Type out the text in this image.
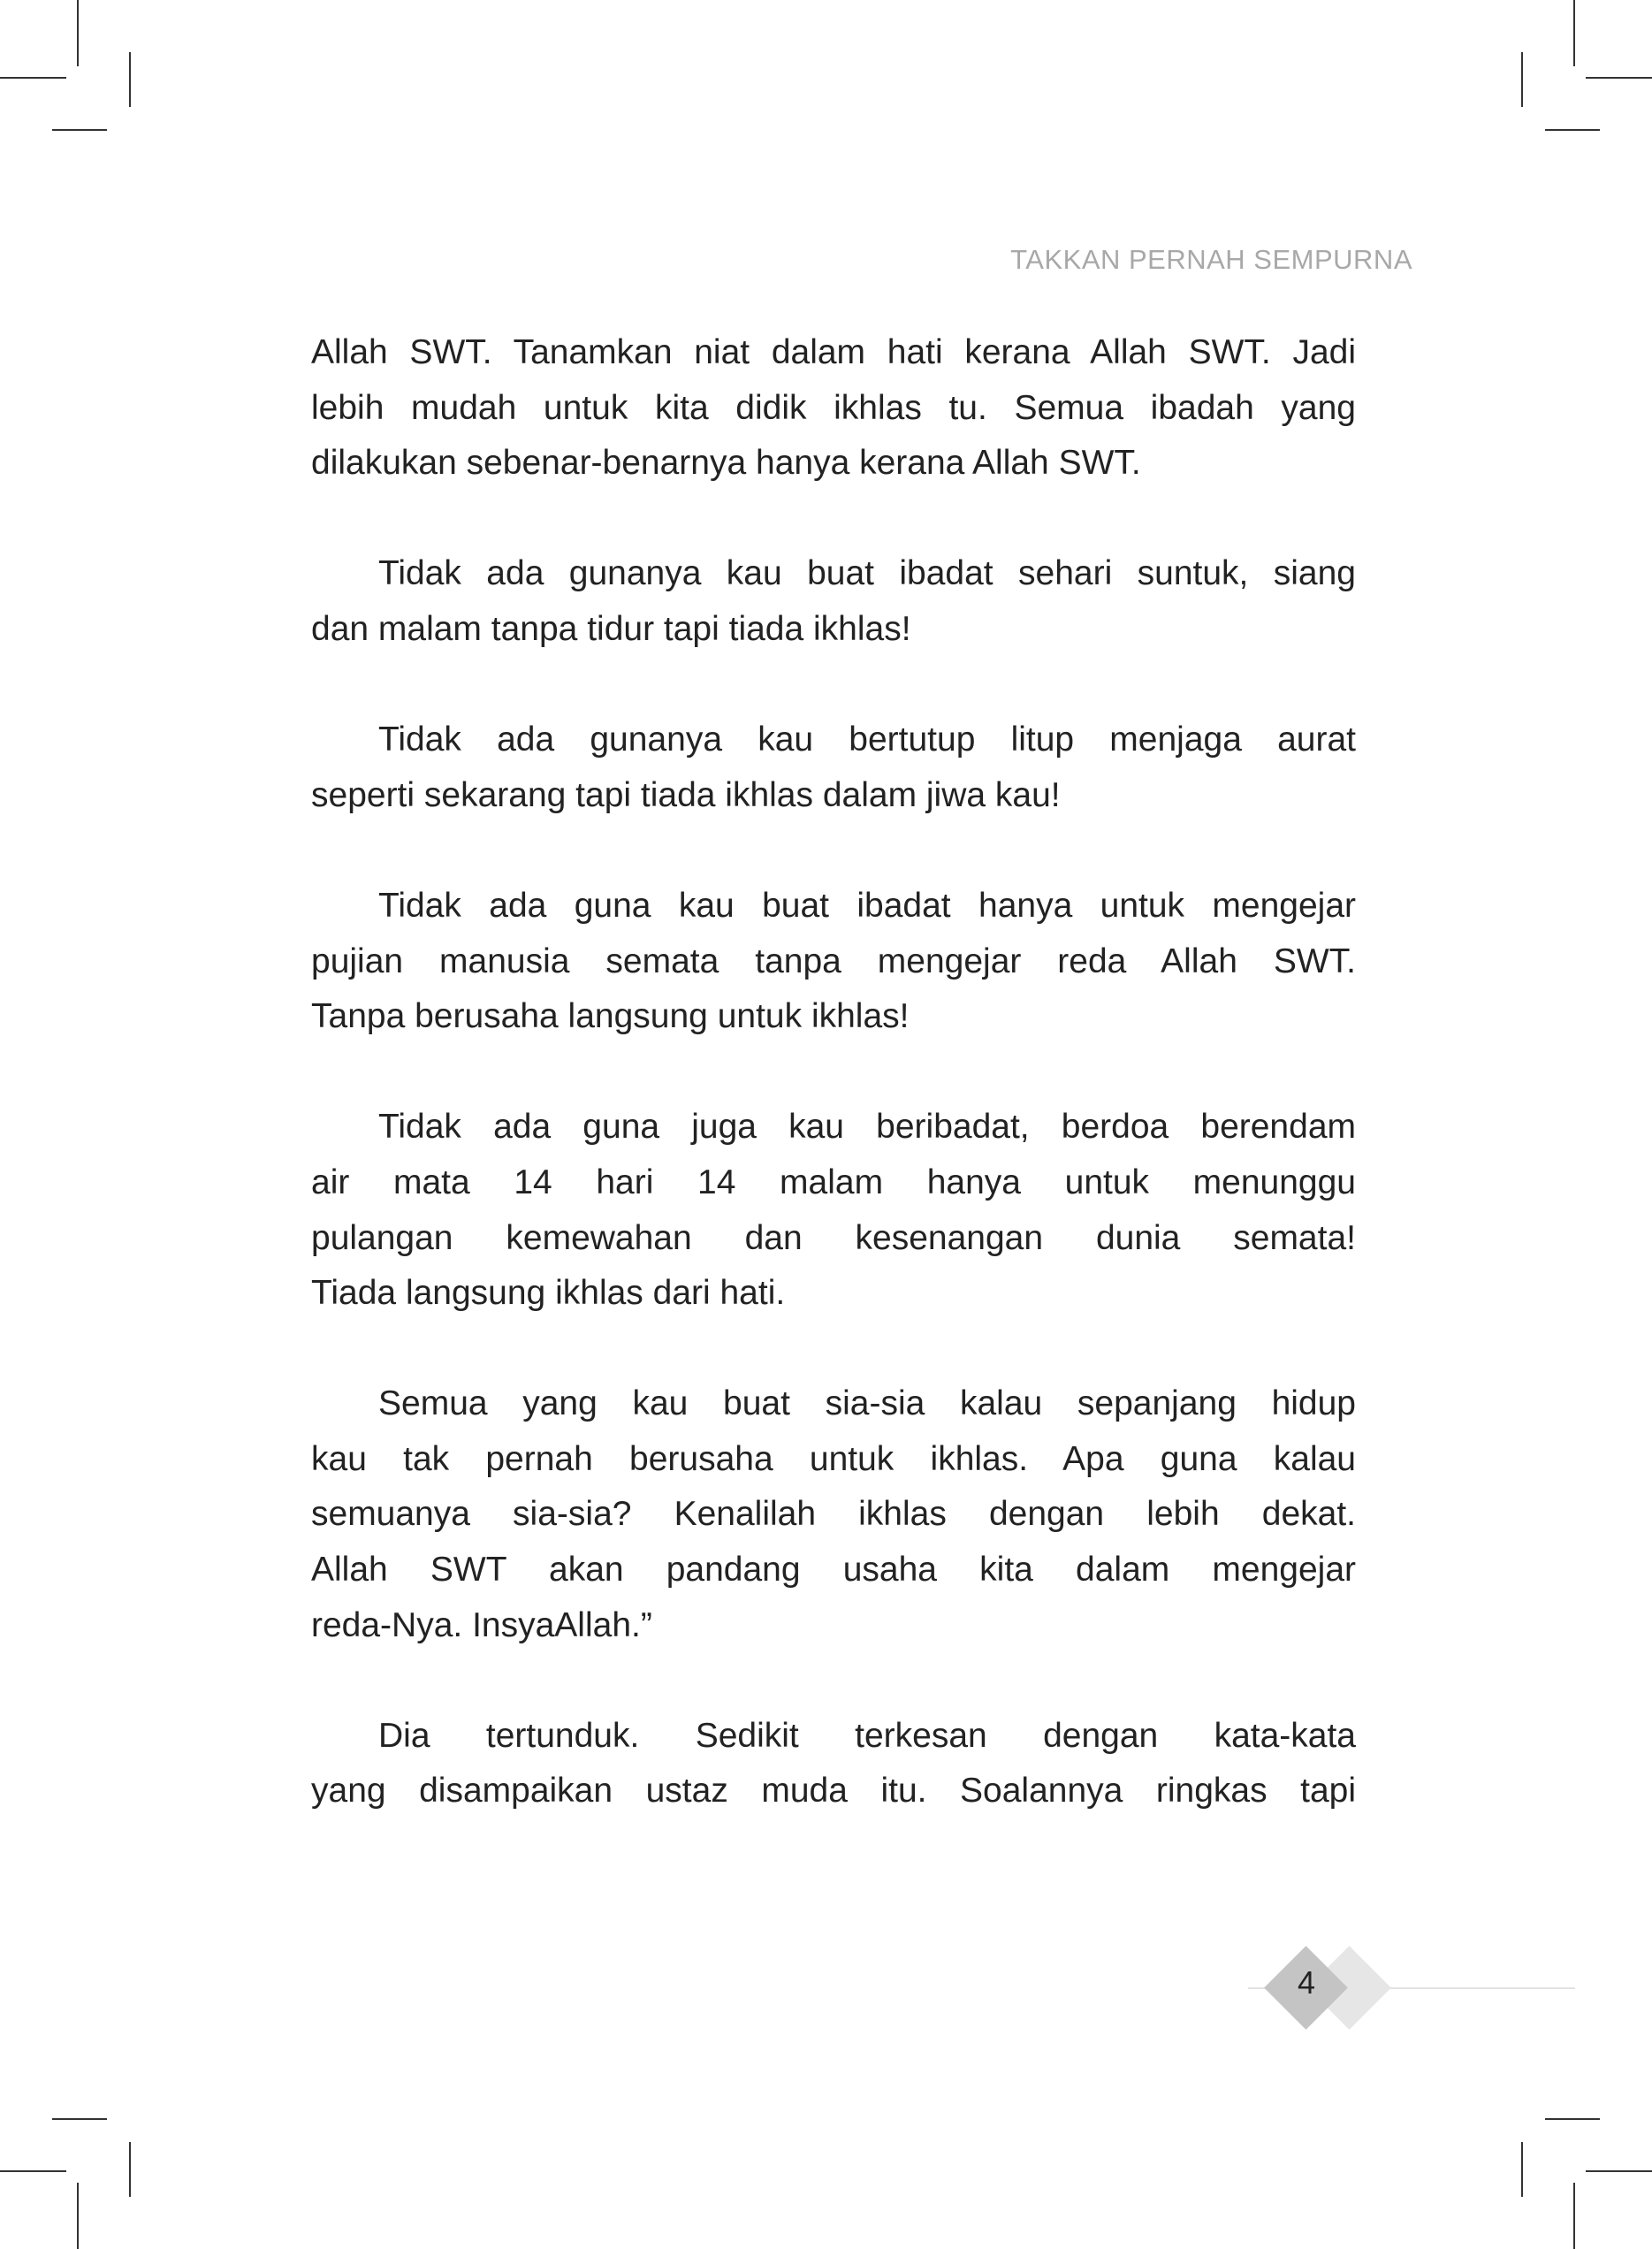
TAKKAN PERNAH SEMPURNA
Allah SWT. Tanamkan niat dalam hati kerana Allah SWT. Jadi
lebih mudah untuk kita didik ikhlas tu. Semua ibadah yang
dilakukan sebenar-benarnya hanya kerana Allah SWT.
Tidak ada gunanya kau buat ibadat sehari suntuk, siang
dan malam tanpa tidur tapi tiada ikhlas!
Tidak ada gunanya kau bertutup litup menjaga aurat
seperti sekarang tapi tiada ikhlas dalam jiwa kau!
Tidak ada guna kau buat ibadat hanya untuk mengejar
pujian manusia semata tanpa mengejar reda Allah SWT.
Tanpa berusaha langsung untuk ikhlas!
Tidak ada guna juga kau beribadat, berdoa berendam
air mata 14 hari 14 malam hanya untuk menunggu
pulangan kemewahan dan kesenangan dunia semata!
Tiada langsung ikhlas dari hati.
Semua yang kau buat sia-sia kalau sepanjang hidup
kau tak pernah berusaha untuk ikhlas. Apa guna kalau
semuanya sia-sia? Kenalilah ikhlas dengan lebih dekat.
Allah SWT akan pandang usaha kita dalam mengejar
reda-Nya. InsyaAllah.”
Dia tertunduk. Sedikit terkesan dengan kata-kata
yang disampaikan ustaz muda itu. Soalannya ringkas tapi
4
